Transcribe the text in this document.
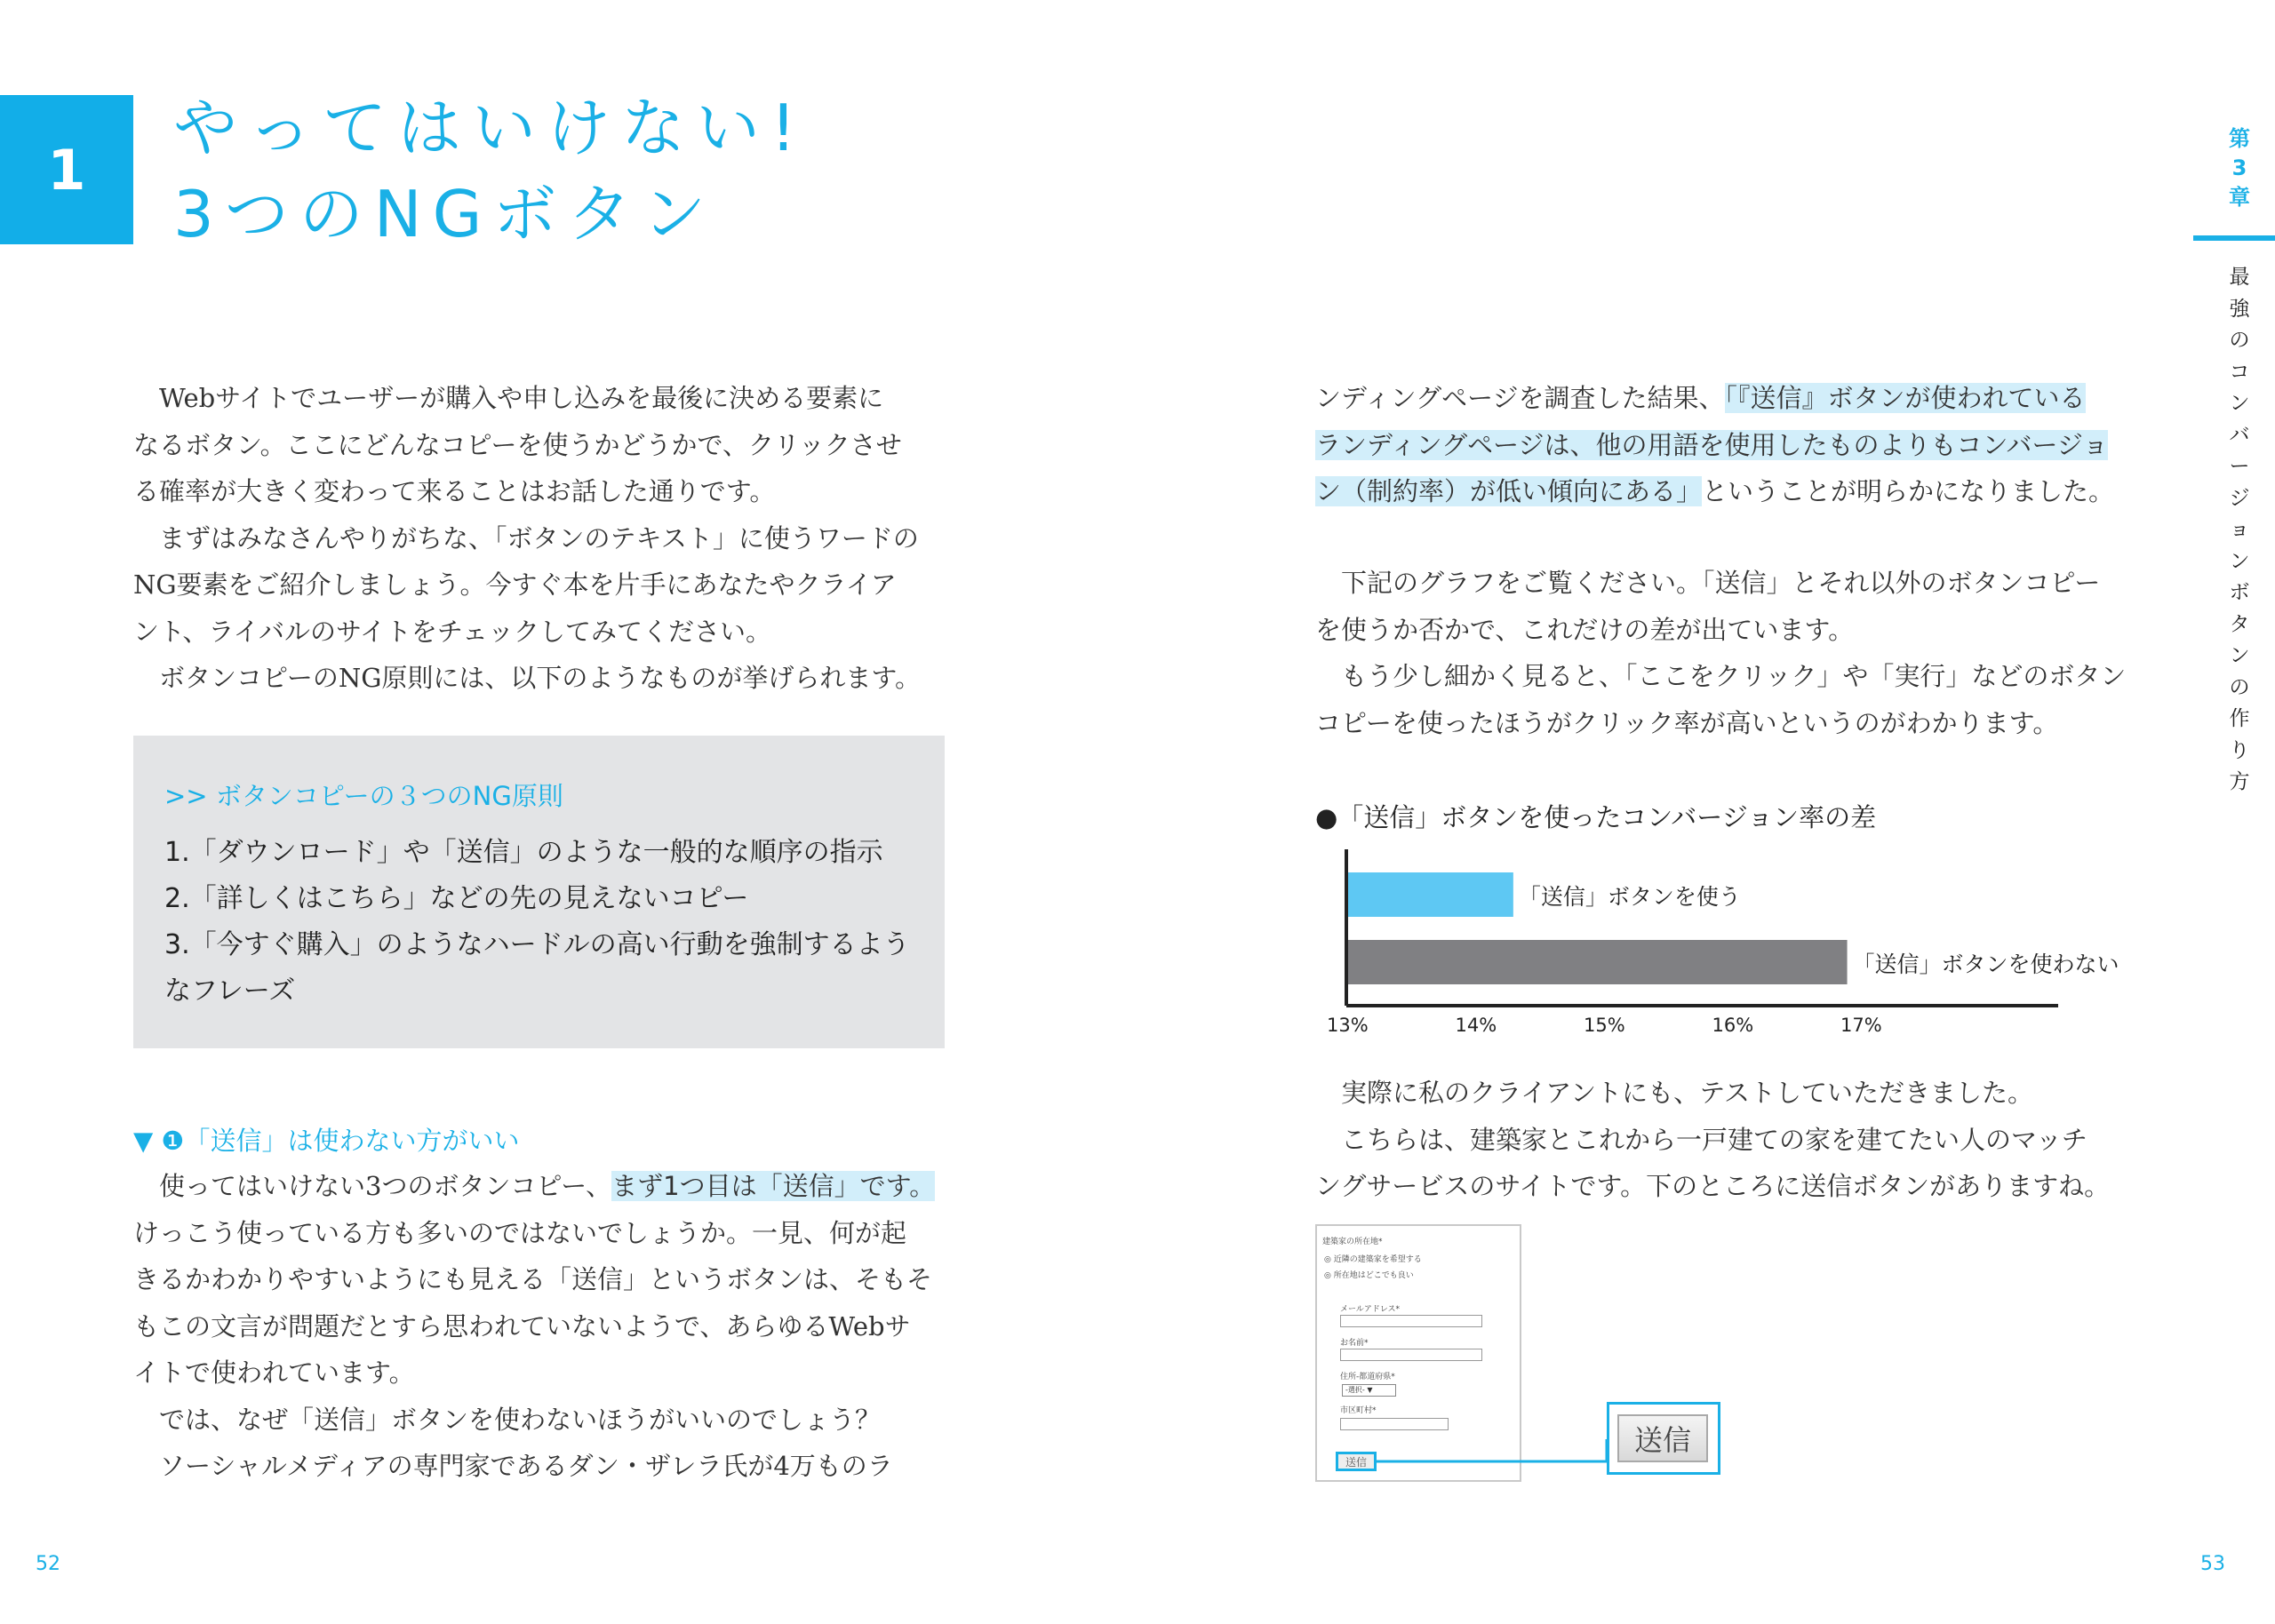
1
やってはいけない!
3つのNGボタン
　Webサイトでユーザーが購入や申し込みを最後に決める要素に
なるボタン。ここにどんなコピーを使うかどうかで、クリックさせ
る確率が大きく変わって来ることはお話した通りです。
　まずはみなさんやりがちな、「ボタンのテキスト」に使うワードの
NG要素をご紹介しましょう。今すぐ本を片手にあなたやクライア
ント、ライバルのサイトをチェックしてみてください。
　ボタンコピーのNG原則には、以下のようなものが挙げられます。
>> ボタンコピーの３つのNG原則
1.「ダウンロード」や「送信」のような一般的な順序の指示
2.「詳しくはこちら」などの先の見えないコピー
3.「今すぐ購入」のようなハードルの高い行動を強制するよう
なフレーズ
▼ ❶「送信」は使わない方がいい
　使ってはいけない3つのボタンコピー、まず1つ目は「送信」です。
けっこう使っている方も多いのではないでしょうか。一見、何が起
きるかわかりやすいようにも見える「送信」というボタンは、そもそ
もこの文言が問題だとすら思われていないようで、あらゆるWebサ
イトで使われています。
　では、なぜ「送信」ボタンを使わないほうがいいのでしょう？
　ソーシャルメディアの専門家であるダン・ザレラ氏が4万ものラ
ンディングページを調査した結果、「『送信』ボタンが使われている
ランディングページは、他の用語を使用したものよりもコンバージョ
ン（制約率）が低い傾向にある」ということが明らかになりました。
　下記のグラフをご覧ください。「送信」とそれ以外のボタンコピー
を使うか否かで、これだけの差が出ています。
　もう少し細かく見ると、「ここをクリック」や「実行」などのボタン
コピーを使ったほうがクリック率が高いというのがわかります。
●「送信」ボタンを使ったコンバージョン率の差
　実際に私のクライアントにも、テストしていただきました。
　こちらは、建築家とこれから一戸建ての家を建てたい人のマッチ
ングサービスのサイトです。下のところに送信ボタンがありますね。
建築家の所在地*
◎ 近隣の建築家を希望する
◎ 所在地はどこでも良い
メールアドレス*
お名前*
住所-都道府県*
-選択- ▼
市区町村*
送信
送信
第
3
章
最
強
の
コ
ン
バ
ー
ジ
ョ
ン
ボ
タ
ン
の
作
り
方
52	53
「送信」ボタンを使う
「送信」ボタンを使わない
13%	14%	15%	16%	17%
